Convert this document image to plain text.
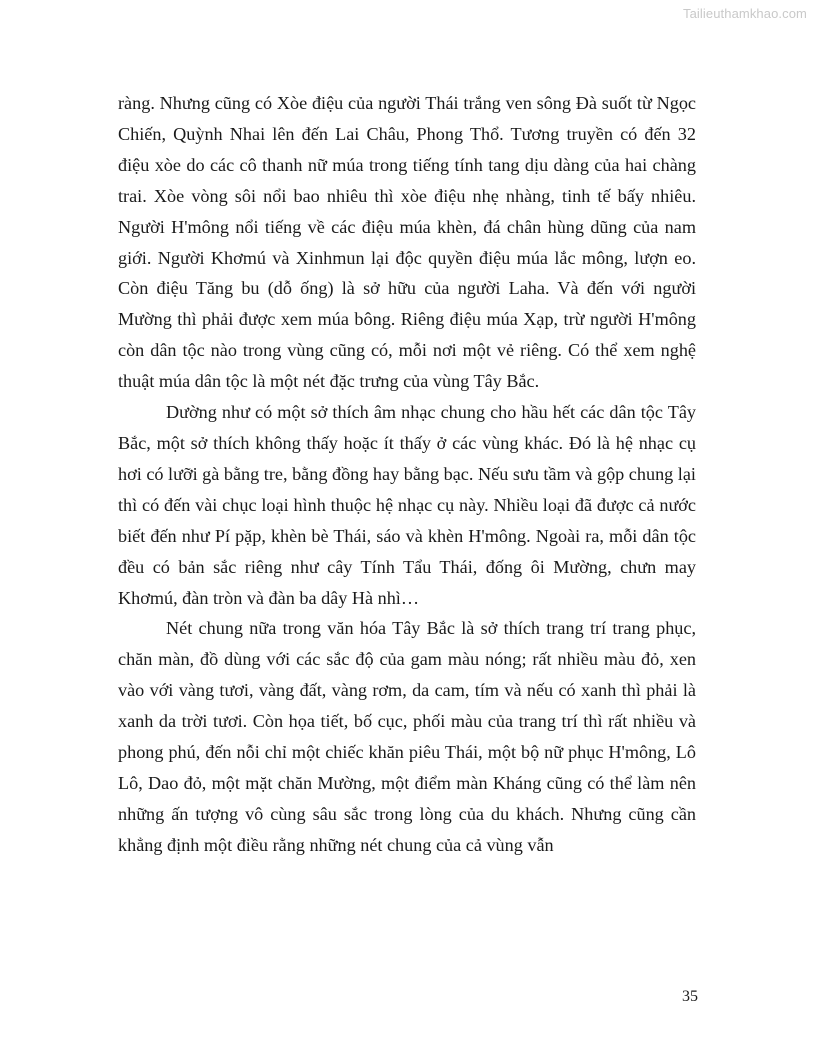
Tailieuthamkhao.com

ràng. Nhưng cũng có Xòe điệu của người Thái trắng ven sông Đà suốt từ Ngọc Chiến, Quỳnh Nhai lên đến Lai Châu, Phong Thổ. Tương truyền có đến 32 điệu xòe do các cô thanh nữ múa trong tiếng tính tang dịu dàng của hai chàng trai. Xòe vòng sôi nổi bao nhiêu thì xòe điệu nhẹ nhàng, tinh tế bấy nhiêu. Người H'mông nổi tiếng về các điệu múa khèn, đá chân hùng dũng của nam giới. Người Khơmú và Xinhmun lại độc quyền điệu múa lắc mông, lượn eo. Còn điệu Tăng bu (dỗ ống) là sở hữu của người Laha. Và đến với người Mường thì phải được xem múa bông. Riêng điệu múa Xạp, trừ người H'mông còn dân tộc nào trong vùng cũng có, mỗi nơi một vẻ riêng. Có thể xem nghệ thuật múa dân tộc là một nét đặc trưng của vùng Tây Bắc.

Dường như có một sở thích âm nhạc chung cho hầu hết các dân tộc Tây Bắc, một sở thích không thấy hoặc ít thấy ở các vùng khác. Đó là hệ nhạc cụ hơi có lưỡi gà bằng tre, bằng đồng hay bằng bạc. Nếu sưu tầm và gộp chung lại thì có đến vài chục loại hình thuộc hệ nhạc cụ này. Nhiều loại đã được cả nước biết đến như Pí pặp, khèn bè Thái, sáo và khèn H'mông. Ngoài ra, mỗi dân tộc đều có bản sắc riêng như cây Tính Tẩu Thái, đống ôi Mường, chưn may Khơmú, đàn tròn và đàn ba dây Hà nhì…

Nét chung nữa trong văn hóa Tây Bắc là sở thích trang trí trang phục, chăn màn, đồ dùng với các sắc độ của gam màu nóng; rất nhiều màu đỏ, xen vào với vàng tươi, vàng đất, vàng rơm, da cam, tím và nếu có xanh thì phải là xanh da trời tươi. Còn họa tiết, bố cục, phối màu của trang trí thì rất nhiều và phong phú, đến nỗi chỉ một chiếc khăn piêu Thái, một bộ nữ phục H'mông, Lô Lô, Dao đỏ, một mặt chăn Mường, một điểm màn Kháng cũng có thể làm nên những ấn tượng vô cùng sâu sắc trong lòng của du khách. Nhưng cũng cần khẳng định một điều rằng những nét chung của cả vùng vẫn

35
